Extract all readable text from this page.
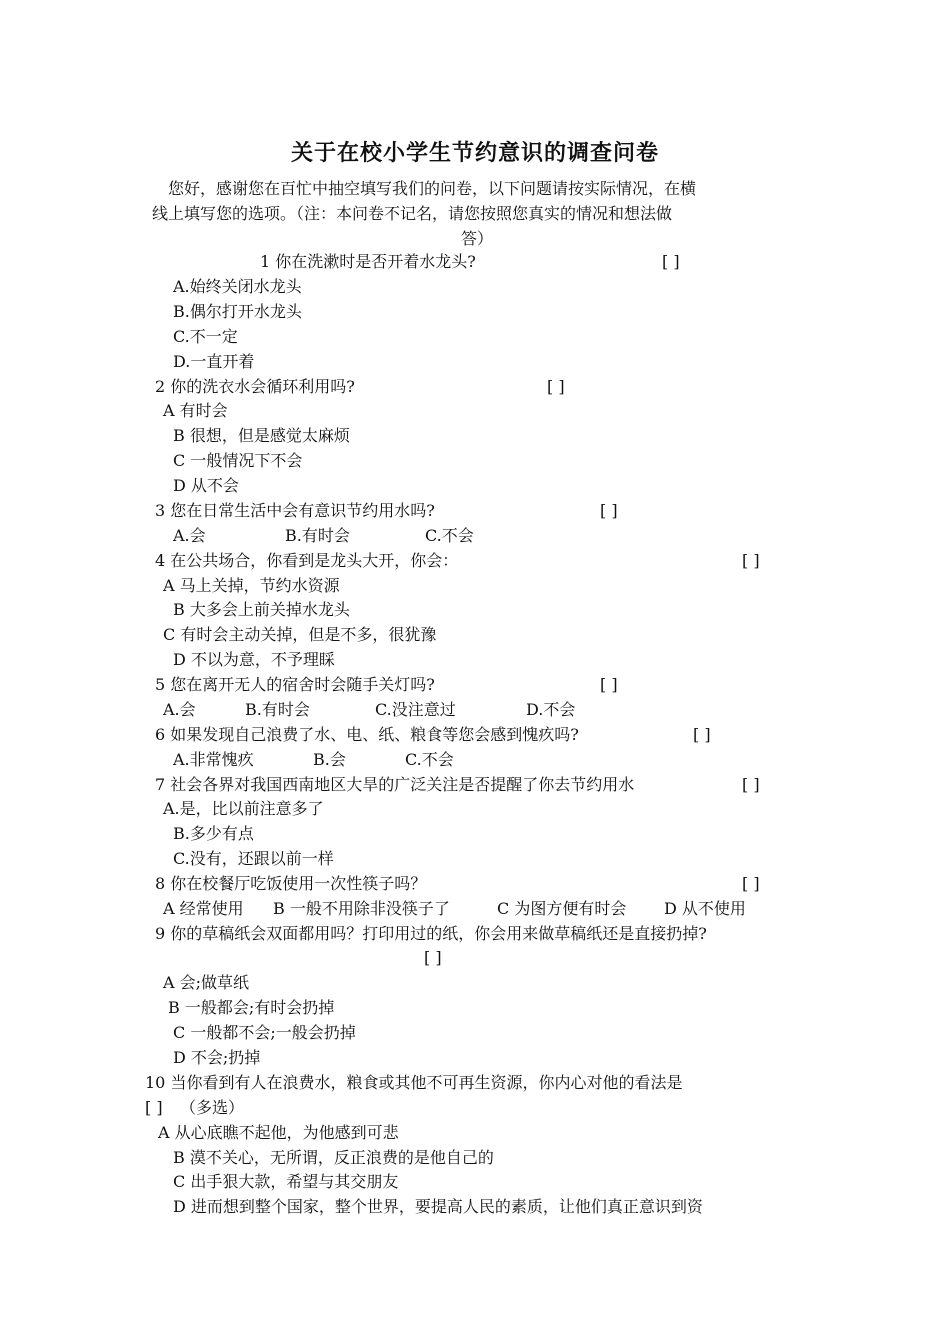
关于在校小学生节约意识的调查问卷
您好，感谢您在百忙中抽空填写我们的问卷，以下问题请按实际情况，在横
线上填写您的选项。（注：本问卷不记名，请您按照您真实的情况和想法做
答）
1 你在洗漱时是否开着水龙头?	[ ]
A.始终关闭水龙头
B.偶尔打开水龙头
C.不一定
D.一直开着
2 你的洗衣水会循环利用吗?	[ ]
A 有时会
B 很想，但是感觉太麻烦
C 一般情况下不会
D 从不会
3 您在日常生活中会有意识节约用水吗?	[ ]
A.会	B.有时会	C.不会
4 在公共场合，你看到是龙头大开，你会：	[ ]
A 马上关掉，节约水资源
B 大多会上前关掉水龙头
C 有时会主动关掉，但是不多，很犹豫
D 不以为意，不予理睬
5 您在离开无人的宿舍时会随手关灯吗?	[ ]
A.会	B.有时会	C.没注意过	D.不会
6 如果发现自己浪费了水、电、纸、粮食等您会感到愧疚吗?	[ ]
A.非常愧疚	B.会	C.不会
7 社会各界对我国西南地区大旱的广泛关注是否提醒了你去节约用水	[ ]
A.是，比以前注意多了
B.多少有点
C.没有，还跟以前一样
8 你在校餐厅吃饭使用一次性筷子吗？	[ ]
A 经常使用 B 一般不用除非没筷子了	C 为图方便有时会 D 从不使用
9 你的草稿纸会双面都用吗？打印用过的纸，你会用来做草稿纸还是直接扔掉?
[ ]
A 会;做草纸
B 一般都会;有时会扔掉
C 一般都不会;一般会扔掉
D 不会;扔掉
10 当你看到有人在浪费水，粮食或其他不可再生资源，你内心对他的看法是
[ ] （多选）
A 从心底瞧不起他，为他感到可悲
B 漠不关心，无所谓，反正浪费的是他自己的
C 出手狠大款，希望与其交朋友
D 进而想到整个国家，整个世界，要提高人民的素质，让他们真正意识到资
